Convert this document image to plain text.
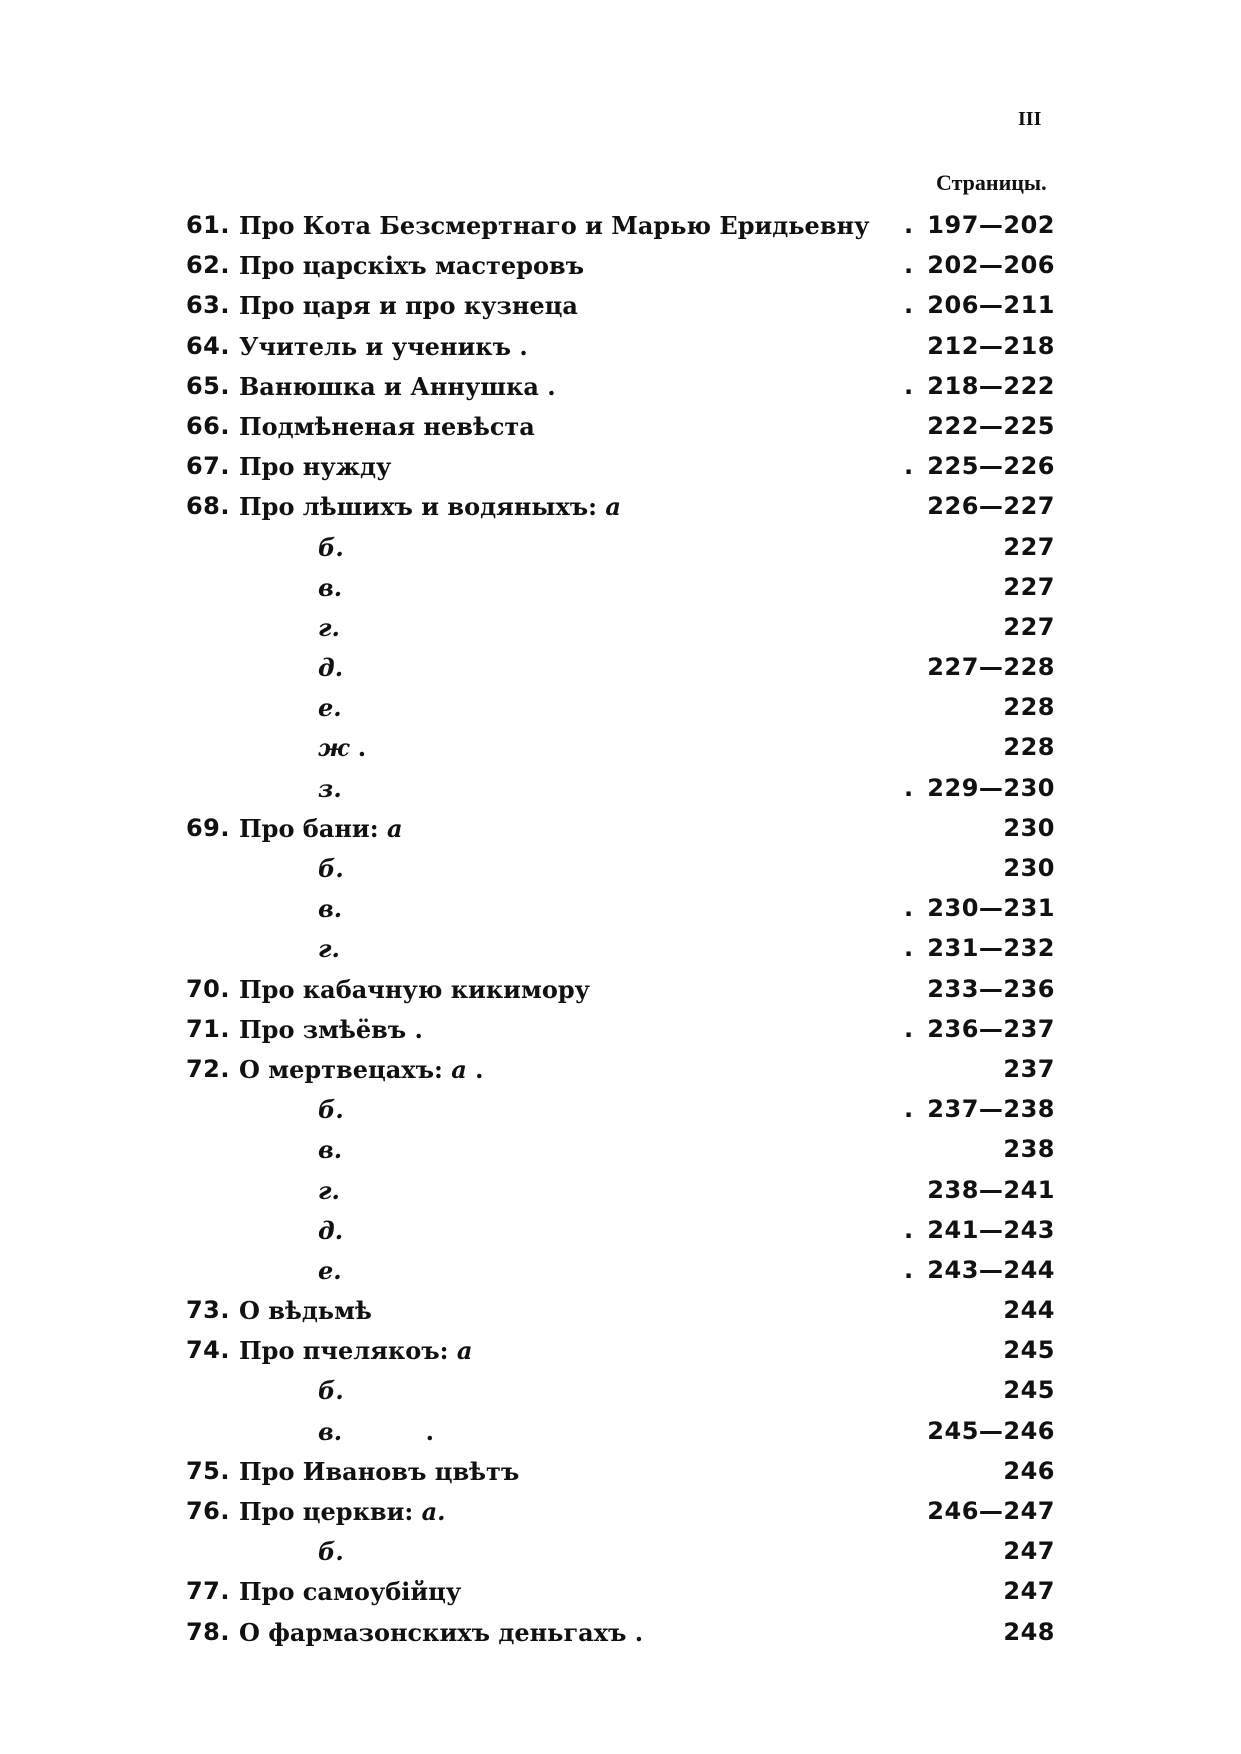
III
Страницы.
61. Про Кота Безсмертнаго и Марью Еридьевну . 197—202
62. Про царскіхъ мастеровъ	. 202—206
63. Про царя и про кузнеца	. 206—211
64. Учитель и ученикъ .	212—218
65. Ванюшка и Аннушка .	. 218—222
66. Подмѣненая невѣста	222—225
67. Про нужду	. 225—226
68. Про лѣшихъ и водяныхъ: а	226—227
б.	227
в.	227
г.	227
д.	227—228
е.	228
ж .	228
з.	. 229—230
69. Про бани: а	230
б.	230
в.	. 230—231
г.	. 231—232
70. Про кабачную кикимору	233—236
71. Про змѣёвъ .	. 236—237
72. О мертвецахъ: а .	237
б.	. 237—238
в.	238
г.	238—241
д.	. 241—243
е.	. 243—244
73. О вѣдьмѣ	244
74. Про пчелякоъ: а	245
б.	245
в.          .	245—246
75. Про Ивановъ цвѣтъ	246
76. Про церкви: а.	246—247
б.	247
77. Про самоубійцу	247
78. О фармазонскихъ деньгахъ .	248
